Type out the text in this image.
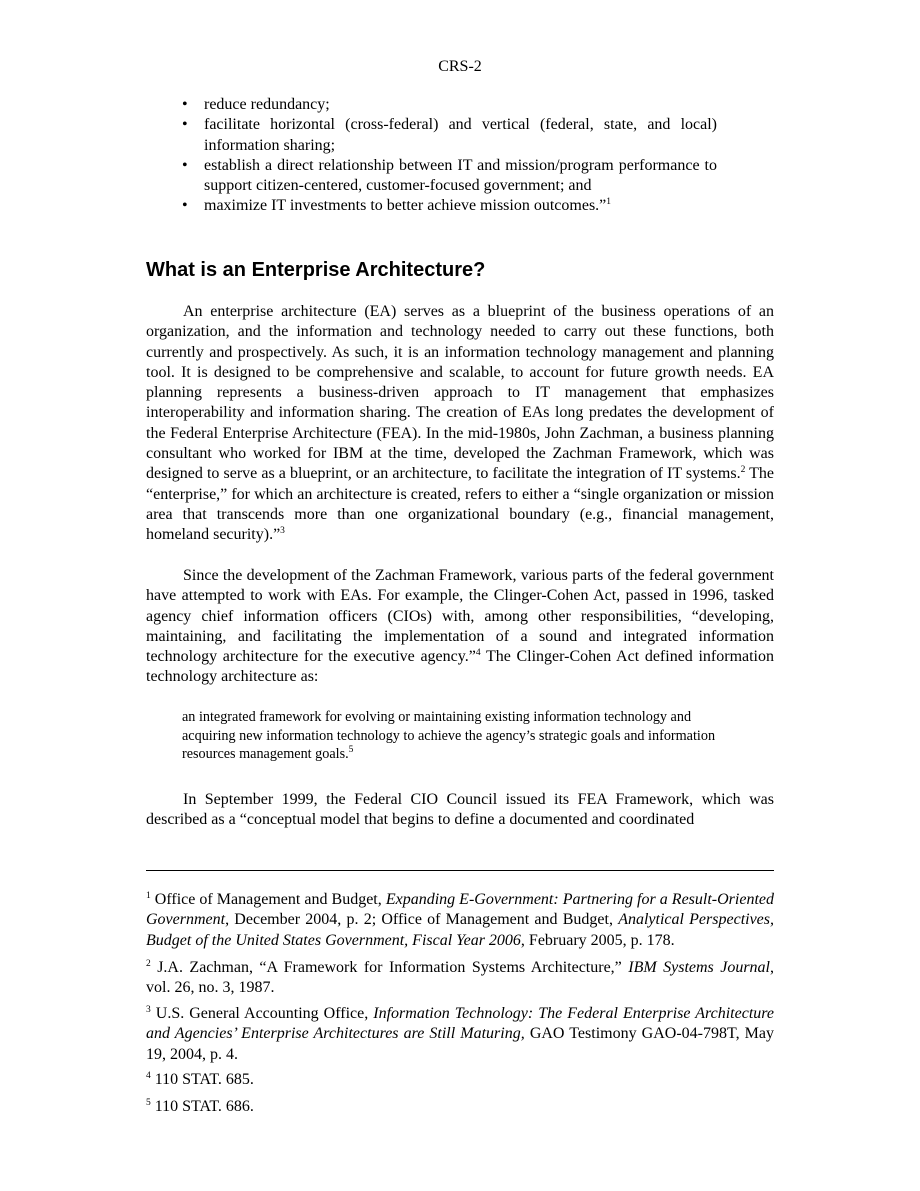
CRS-2
• reduce redundancy;
• facilitate horizontal (cross-federal) and vertical (federal, state, and local) information sharing;
• establish a direct relationship between IT and mission/program performance to support citizen-centered, customer-focused government; and
• maximize IT investments to better achieve mission outcomes.”$^1$
What is an Enterprise Architecture?

An enterprise architecture (EA) serves as a blueprint of the business operations of an organization, and the information and technology needed to carry out these functions, both currently and prospectively. As such, it is an information technology management and planning tool. It is designed to be comprehensive and scalable, to account for future growth needs. EA planning represents a business-driven approach to IT management that emphasizes interoperability and information sharing. The creation of EAs long predates the development of the Federal Enterprise Architecture (FEA). In the mid-1980s, John Zachman, a business planning consultant who worked for IBM at the time, developed the Zachman Framework, which was designed to serve as a blueprint, or an architecture, to facilitate the integration of IT systems.$^2$ The “enterprise,” for which an architecture is created, refers to either a “single organization or mission area that transcends more than one organizational boundary (e.g., financial management, homeland security).”$^3$

Since the development of the Zachman Framework, various parts of the federal government have attempted to work with EAs. For example, the Clinger-Cohen Act, passed in 1996, tasked agency chief information officers (CIOs) with, among other responsibilities, “developing, maintaining, and facilitating the implementation of a sound and integrated information technology architecture for the executive agency.”$^4$ The Clinger-Cohen Act defined information technology architecture as:

an integrated framework for evolving or maintaining existing information technology and acquiring new information technology to achieve the agency’s strategic goals and information resources management goals.$^5$

In September 1999, the Federal CIO Council issued its FEA Framework, which was described as a “conceptual model that begins to define a documented and coordinated

$^1$ Office of Management and Budget, Expanding E-Government: Partnering for a Result-Oriented Government, December 2004, p. 2; Office of Management and Budget, Analytical Perspectives, Budget of the United States Government, Fiscal Year 2006, February 2005, p. 178.

$^2$ J.A. Zachman, “A Framework for Information Systems Architecture,” IBM Systems Journal, vol. 26, no. 3, 1987.

$^3$ U.S. General Accounting Office, Information Technology: The Federal Enterprise Architecture and Agencies’ Enterprise Architectures are Still Maturing, GAO Testimony GAO-04-798T, May 19, 2004, p. 4.

$^4$ 110 STAT. 685.

$^5$ 110 STAT. 686.
